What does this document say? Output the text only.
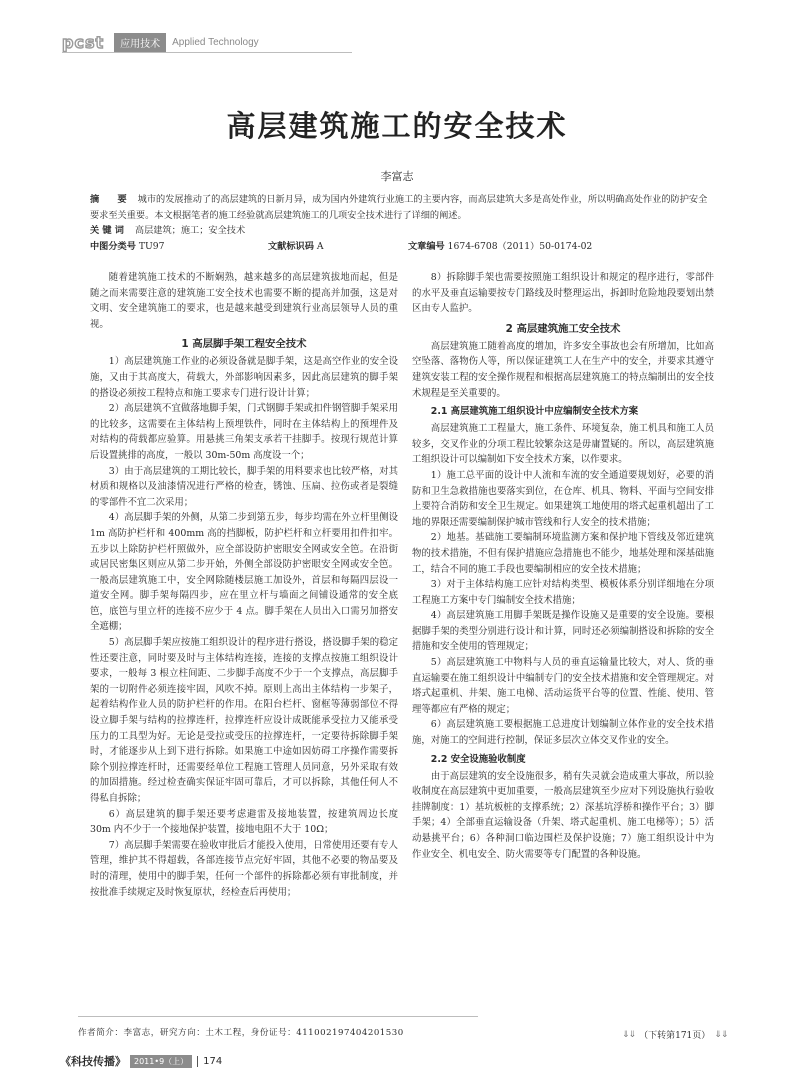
pcst	应用技术	Applied Technology
高层建筑施工的安全技术
李富志
摘　　要 城市的发展推动了的高层建筑的日新月异，成为国内外建筑行业施工的主要内容，而高层建筑大多是高处作业，所以明确高处作业的防护安全要求至关重要。本文根据笔者的施工经验就高层建筑施工的几项安全技术进行了详细的阐述。
关 键 词 高层建筑；施工；安全技术
中图分类号 TU97	文献标识码 A	文章编号 1674-6708（2011）50-0174-02

随着建筑施工技术的不断娴熟，越来越多的高层建筑拔地而起，但是随之而来需要注意的建筑施工安全技术也需要不断的提高并加强，这是对文明、安全建筑施工的要求，也是越来越受到建筑行业高层领导人员的重视。

1 高层脚手架工程安全技术

1）高层建筑施工作业的必须设备就是脚手架，这是高空作业的安全设施，又由于其高度大，荷载大，外部影响因素多，因此高层建筑的脚手架的搭设必须按工程特点和施工要求专门进行设计计算；

2）高层建筑不宜做落地脚手架，门式钢脚手架或扣件钢管脚手架采用的比较多，这需要在主体结构上预埋铁件，同时在主体结构上的预埋件及对结构的荷载都应验算。用悬挑三角架支承若干挂脚手。按现行规范计算后设置挑排的高度，一般以 30m-50m 高度设一个；

3）由于高层建筑的工期比较长，脚手架的用料要求也比较严格，对其材质和规格以及油漆情况进行严格的检查，锈蚀、压扁、拉伤或者是裂缝的零部件不宜二次采用；

4）高层脚手架的外侧，从第二步到第五步，每步均需在外立杆里侧设 1m 高防护栏杆和 400mm 高的挡脚板，防护栏杆和立杆要用扣件扣牢。五步以上除防护栏杆照做外，应全部设防护密眼安全网或安全笆。在沿街或居民密集区则应从第二步开始，外侧全部设防护密眼安全网或安全笆。一般高层建筑施工中，安全网除随楼层施工加设外，首层和每隔四层设一道安全网。脚手架每隔四步，应在里立杆与墙面之间铺设通常的安全底笆，底笆与里立杆的连接不应少于 4 点。脚手架在人员出入口需另加搭安全遮棚；

5）高层脚手架应按施工组织设计的程序进行搭设，搭设脚手架的稳定性还要注意，同时要及时与主体结构连接，连接的支撑点按施工组织设计要求，一般每 3 根立柱间距、二步脚手高度不少于一个支撑点，高层脚手架的一切附件必须连接牢固，风吹不掉。原则上高出主体结构一步架子，起着结构作业人员的防护栏杆的作用。在阳台栏杆、窗框等薄弱部位不得设立脚手架与结构的拉撑连杆，拉撑连杆应设计成既能承受拉力又能承受压力的工具型为好。无论是受拉或受压的拉撑连杆，一定要待拆除脚手架时，才能逐步从上到下进行拆除。如果施工中途如因妨碍工序操作需要拆除个别拉撑连杆时，还需要经单位工程施工管理人员同意，另外采取有效的加固措施。经过检查确实保证牢固可靠后，才可以拆除，其他任何人不得私自拆除；

6）高层建筑的脚手架还要考虑避雷及接地装置，按建筑周边长度 30m 内不少于一个接地保护装置，接地电阻不大于 10Ω；

7）高层脚手架需要在验收审批后才能投入使用，日常使用还要有专人管理，维护其不得超载，各部连接节点完好牢固，其他不必要的物品要及时的清理，使用中的脚手架，任何一个部件的拆除都必须有审批制度，并按批准手续规定及时恢复原状，经检查后再使用；

8）拆除脚手架也需要按照施工组织设计和规定的程序进行，零部件的水平及垂直运输要按专门路线及时整理运出，拆卸时危险地段要划出禁区由专人监护。

2 高层建筑施工安全技术

高层建筑施工随着高度的增加，许多安全事故也会有所增加，比如高空坠落、落物伤人等，所以保证建筑工人在生产中的安全，并要求其遵守建筑安装工程的安全操作规程和根据高层建筑施工的特点编制出的安全技术规程是至关重要的。

2.1 高层建筑施工组织设计中应编制安全技术方案

高层建筑施工工程量大，施工条件、环境复杂，施工机具和施工人员较多，交叉作业的分项工程比较繁杂这是毋庸置疑的。所以，高层建筑施工组织设计可以编制如下安全技术方案，以作要求。

1）施工总平面的设计中人流和车流的安全通道要规划好，必要的消防和卫生急救措施也要落实到位，在仓库、机具、物料、平面与空间安排上要符合消防和安全卫生规定。如果建筑工地使用的塔式起重机超出了工地的界限还需要编制保护城市管线和行人安全的技术措施；

2）地基。基础施工要编制环境监测方案和保护地下管线及邻近建筑物的技术措施，不但有保护措施应急措施也不能少，地基处理和深基础施工，结合不同的施工手段也要编制相应的安全技术措施；

3）对于主体结构施工应针对结构类型、模板体系分别详细地在分项工程施工方案中专门编制安全技术措施；

4）高层建筑施工用脚手架既是操作设施又是重要的安全设施。要根据脚手架的类型分别进行设计和计算，同时还必须编制搭设和拆除的安全措施和安全使用的管理规定；

5）高层建筑施工中物料与人员的垂直运输量比较大，对人、货的垂直运输要在施工组织设计中编制专门的安全技术措施和安全管理规定。对塔式起重机、井架、施工电梯、活动运货平台等的位置、性能、使用、管理等都应有严格的规定；

6）高层建筑施工要根据施工总进度计划编制立体作业的安全技术措施，对施工的空间进行控制，保证多层次立体交叉作业的安全。

2.2 安全设施验收制度

由于高层建筑的安全设施很多，稍有失灵就会造成重大事故，所以验收制度在高层建筑中更加重要，一般高层建筑至少应对下列设施执行验收挂牌制度：1）基坑板桩的支撑系统；2）深基坑浮桥和操作平台；3）脚手架；4）全部垂直运输设备（升架、塔式起重机、施工电梯等）；5）活动悬挑平台；6）各种洞口临边围栏及保护设施；7）施工组织设计中为作业安全、机电安全、防火需要等专门配置的各种设施。

作者简介：李富志，研究方向：土木工程，身份证号：411002197404201530	⇓⇓ （下转第171页） ⇓⇓
《科技传播》	2011•9（上）	174
